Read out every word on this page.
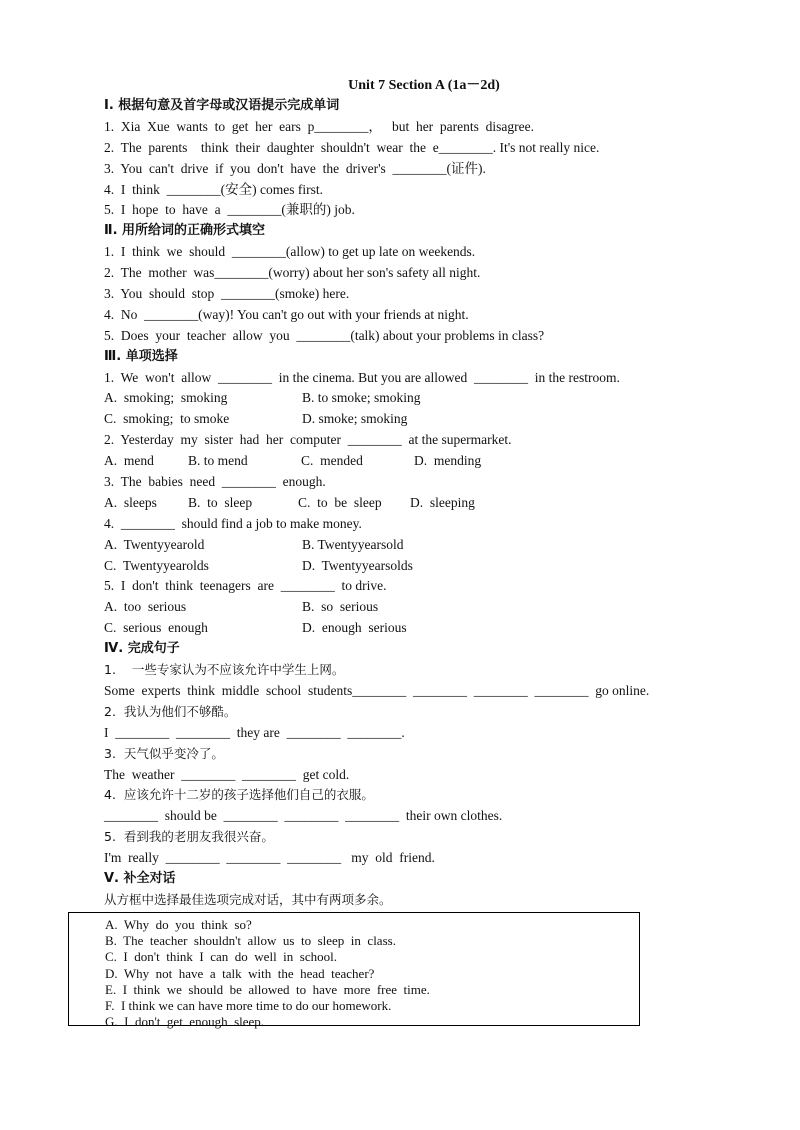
Unit 7 Section A (1a－2d)
Ⅰ. 根据句意及首字母或汉语提示完成单词
1.  Xia  Xue  wants  to  get  her  ears  p________，   but  her  parents  disagree.
2.  The  parents    think  their  daughter  shouldn't  wear  the  e________. It's not really nice.
3.  You  can't  drive  if  you  don't  have  the  driver's  ________(证件).
4.  I  think  ________(安全) comes first.
5.  I  hope  to  have  a  ________(兼职的) job.
Ⅱ. 用所给词的正确形式填空
1.  I  think  we  should  ________(allow) to get up late on weekends.
2.  The  mother  was________(worry) about her son's safety all night.
3.  You  should  stop  ________(smoke) here.
4.  No  ________(way)! You can't go out with your friends at night.
5.  Does  your  teacher  allow  you  ________(talk) about your problems in class?
Ⅲ. 单项选择
1.  We  won't  allow  ________  in the cinema. But you are allowed  ________  in the restroom.
A.  smoking;  smoking	B. to smoke; smoking
C.  smoking;  to smoke	D. smoke; smoking
2.  Yesterday  my  sister  had  her  computer  ________  at the supermarket.
A.  mend	B. to mend	C.  mended	D.  mending
3.  The  babies  need  ________  enough.
A.  sleeps	B.  to  sleep	C.  to  be  sleep	D.  sleeping
4.  ________  should find a job to make money.
A.  Twentyyearold	B. Twentyyearsold
C.  Twentyyearolds	D.  Twentyyearsolds
5.  I  don't  think  teenagers  are  ________  to drive.
A.  too  serious	B.  so  serious
C.  serious  enough	D.  enough  serious
Ⅳ. 完成句子
1.    一些专家认为不应该允许中学生上网。
Some  experts  think  middle  school  students________  ________  ________  ________  go online.
2.  我认为他们不够酷。
I  ________  ________  they are  ________  ________.
3.  天气似乎变冷了。
The  weather  ________  ________  get cold.
4.  应该允许十二岁的孩子选择他们自己的衣服。
________  should be  ________  ________  ________  their own clothes.
5.  看到我的老朋友我很兴奋。
I'm  really  ________  ________  ________   my  old  friend.
Ⅴ. 补全对话
从方框中选择最佳选项完成对话，其中有两项多余。
A.  Why  do  you  think  so?
B.  The  teacher  shouldn't  allow  us  to  sleep  in  class.
C.  I  don't  think  I  can  do  well  in  school.
D.  Why  not  have  a  talk  with  the  head  teacher?
E.  I  think  we  should  be  allowed  to  have  more  free  time.
F.  I think we can have more time to do our homework.
G.  I  don't  get  enough  sleep.
